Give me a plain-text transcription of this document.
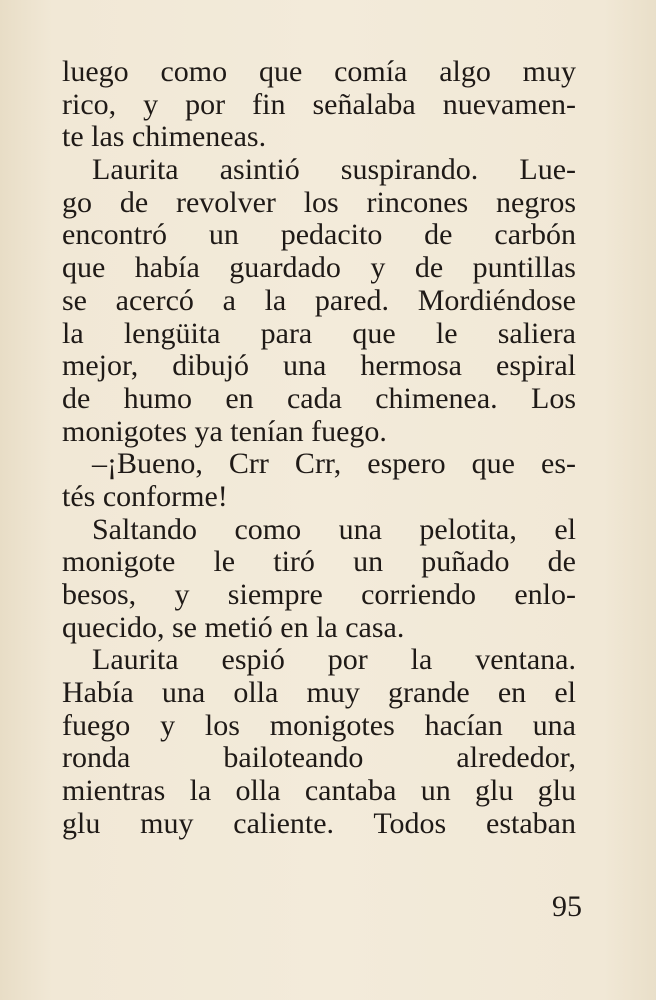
luego como que comía algo muy
rico, y por fin señalaba nuevamen-
te las chimeneas.
Laurita asintió suspirando. Lue-
go de revolver los rincones negros
encontró un pedacito de carbón
que había guardado y de puntillas
se acercó a la pared. Mordiéndose
la lengüita para que le saliera
mejor, dibujó una hermosa espiral
de humo en cada chimenea. Los
monigotes ya tenían fuego.
–¡Bueno, Crr Crr, espero que es-
tés conforme!
Saltando como una pelotita, el
monigote le tiró un puñado de
besos, y siempre corriendo enlo-
quecido, se metió en la casa.
Laurita espió por la ventana.
Había una olla muy grande en el
fuego y los monigotes hacían una
ronda bailoteando alrededor,
mientras la olla cantaba un glu glu
glu muy caliente. Todos estaban
95
